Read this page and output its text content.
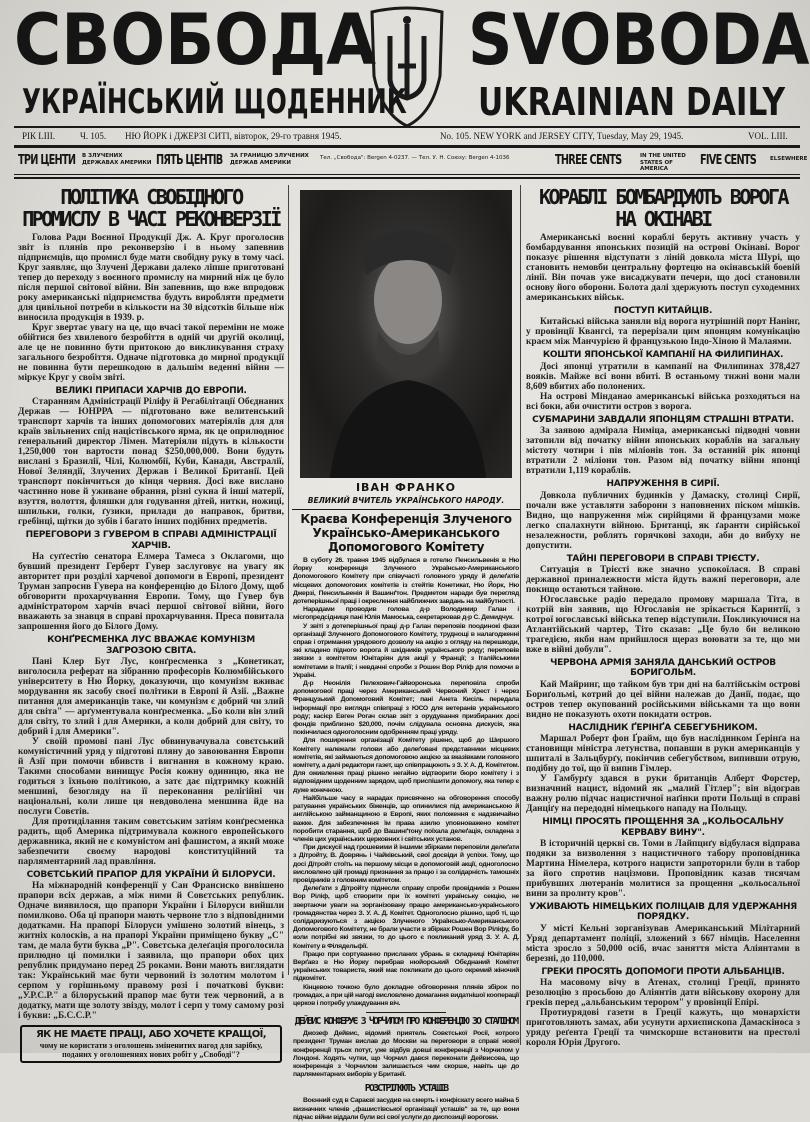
СВОБОДА SVOBODA
УКРАЇНСЬКИЙ ЩОДЕННИК UKRAINIAN DAILY
РІК LIII.	Ч. 105. НЮ ЙОРК і ДЖЕРЗІ СИТІ, вівторок, 29-го травня 1945.	No. 105. NEW YORK and JERSEY CITY, Tuesday, May 29, 1945.	VOL. LIII.
ТРИ ЦЕНТИ В ЗЛУЧЕНИХ ДЕРЖАВАХ АМЕРИКИ ПЯТЬ ЦЕНТІВ ЗА ГРАНИЦЮ ЗЛУЧЕНИХ ДЕРЖАВ АМЕРИКИ
Тел. „Свобода": Bergen 4-0237. — Тел. У. Н. Союзу: Bergen 4-1036	THREE CENTS	IN THE UNITED STATES OF AMERICA
FIVE CENTS	ELSEWHERE
ПОЛІТИКА СВОБІДНОГО ПРОМИСЛУ В ЧАСІ РЕКОНВЕРЗІЇ

Голова Ради Воєнної Продукції Дж. А. Круг проголосив звіт із плянів про реконверзію і в ньому запевнив підприємців, що промисл буде мати свобідну руку в тому часі. Круг заявляє, що Злучені Держави далеко ліпше приготовані тепер до переходу з воєнного промислу на мирний ніж це було після першої світової війни. Він запевнив, що вже впродовж року американські підприємства будуть виробляти предмети для цивільної потреби в кількости на 30 відсотків більше ніж виносила продукція в 1939. р.

Круг звертає увагу на це, що вчасі такої переміни не може обійтися без хвилевого безробіття в одній чи другій околиці, але це не повинно бути притокою до викликування страху загального безробіття. Одначе підготовка до мирної продукції не повинна бути перешкодою в дальшім веденні війни — міркує Круг у своїм звіті.

ВЕЛИКІ ПРИПАСИ ХАРЧІВ ДО ЕВРОПИ.

Старанням Адміністрації Ріліфу й Регабілітації Обєднаних Держав — ЮНРРА — підготовано вже велитенський транспорт харчів та інших допомогових матеріялів для для країв звільнених спід націстівського ярма, як це оприлюднює генеральний директор Лімен. Матеріяли підуть в кількости 1,250,000 тон вартости понад $250,000,000. Вони будуть вислані з Бразилії, Чілі, Колюмбії, Куби, Канади, Австралії, Нової Зеляндії, Злучених Держав і Великої Британії. Цей транспорт покінчиться до кінця червня. Досі вже вислано частинно нове й уживане обрання, різні сукна й інші матерії, взуття, волоття, фляшки для годування дітей, нитки, ножиці, шпильки, голки, ґузики, прилади до направок, бритви, гребінці, щітки до зубів і багато інших подібних предметів.

ПЕРЕГОВОРИ З ГУВЕРОМ В СПРАВІ АДМІНІСТРАЦІЇ ХАРЧІВ.

На суґґестію сенатора Елмера Тамеса з Оклагоми, що бувший президент Герберт Гувер заслуговує на увагу як авторитет при розділі харчевої допомоги в Европі, президент Труман запросив Гувера на конференцію до Білого Дому, щоб обговорити прохарчування Европи. Тому, що Гувер був адміністратором харчів вчасі першої світової війни, його вважають за знавця в справі прохарчування. Преса повитала запрошення його до Білого Дому.

КОНҐРЕСМЕНКА ЛУС ВВАЖАЄ КОМУНІЗМ ЗАГРОЗОЮ СВІТА.

Пані Клер Бут Лус, конґресменка з „Конетикат, виголосила реферат на зібранню професорів Колюмбійського університету в Ню Йорку, доказуючи, що комунізм вживає мордування як засобу своєї політики в Европі й Азії. „Важне питання для американців таке, чи комунізм є добрий чи злий для світа" — арґументувала конґресменка. „Бо коли він злий для світу, то злий і для Америки, а коли добрий для світу, то добрий і для Америки".

У своїй промові пані Лус обвинувачувала совєтський комуністичний уряд у підготові пляну до завоювання Европи й Азії при помочи вбивств і вигнання в кожному краю. Такими способами винищує Росія кожну одиницю, яка не годиться з їхньою політикою, а затє дає підтримку кожній меншині, безогляду на її переконання релігійні чи національні, коли лише ця невдоволена меншина йде на послуги Совєтів.

Для протиділання таким совєтським затіям конґресменка радить, щоб Америка підтримувала кожного европейського державника, який не є комуністом ані фашистом, а який може забезпечити своєму народові конституційний та парляментарний лад правління.

СОВЄТСЬКИЙ ПРАПОР ДЛЯ УКРАЇНИ Й БІЛОРУСИ.

На міжнародній конференції у Сан Франсиско вивішено прапори всіх держав, а між ними й Совєтських републик. Одначе виявилося, що прапори України і Білоруси вийшли помилково. Оба ці прапори мають червоне тло з відповідними додатками. На прапорі Білоруси умішено золотий вінець, з житніх колосків, а на прапорі України приміщено букву „С" там, де мала бути буква „Р". Совєтська делеґація проголосила прилюдно ці помилки і заявила, що прапори обох цих републик придумано перед 25 роками. Вони мають виглядати так: Український має бути червоний із золотим молотом і серпом у горішньому правому розі і початкові букви: „У.Р.С.Р." а білоруський прапор має бути теж червоний, а в додатку, мати ще золоту звізду, молот і серп у тому самому розі і букви: „Б.С.С.Р."

ЯК НЕ МАЄТЕ ПРАЦІ, АБО ХОЧЕТЕ КРАЩОЇ,
чому не користати з оголошень зміненитих нагод для зарібку, поданих у оголошеннях нових робіт у „Свободі"?
ІВАН ФРАНКО
ВЕЛИКИЙ ВЧИТЕЛЬ УКРАЇНСЬКОГО НАРОДУ.
Краєва Конференція Злученого Українсько-Американського Допомогового Комітету

В суботу 26. травня 1945 відбулася в готелю Пенсильвенія в Ню Йорку конференція Злученого Українсько-Американського Допомогового Комітету при співучасті головного уряду й делеґатів місцевих допомогових комітетів із стейтів Конетикат, Ню Йорк, Ню Джерзі, Пенсильвенія й Вашинґтон. Предметом наради був перегляд дотеперішньої праці і окреслення найближчих завдань на майбутності.

Нарадами проводив голова д-р Володимир Галан і місгопредсідниця пані Юлія Мамоська, секретарював д-р С. Демидчук.

У звіті з дотеперішньої праці д-р Галан переповів поодинокі фази організації Злученого Допомогового Комітету, труднощі в налагодженні справ і отримання урядового дозволу на акцію з огляду на перешкоди, які кладено підного ворога й шкідників українського роду; переповів звязки з комітетом Юнітаріян для акції у Франції; з Італійськими комітетами в Італії; і невдачні спроби з Рошен Вор Ріліф для помочи в Україні.

Д-р Неонілія Пелехович-Гайворонська переповіла спроби допомогової праці через Американський Червоний Хрест і через Французький Допомоговий Комітет; пані Анета Кисіль передала інформації про виглядн співпраці з ЮСО для ветеранів українського роду; касієр Евген Рогач склав звіт з орудування призбираних досі фондів приблизно $20,000, почім слідувала основна дискусія, яка покінчилася одноголосним одобренням праці уряду.

Для поширення організації Комітету рішено, щоб до Ширшого Комітету належали голови або делеґовані представники місцевих комітетів, які займаються допомоговою акцією за вказівками головного комітету, а далі редактори газет, що співпрацюють з З. У. А. Д. Комітетом. Для оживлення праці рішено негайно відтворити бюро комітету і з відповідним щоденним зарядом, щоб приспішити допомогу, яка тепер є дуже конечною.

Найбільше часу в нарадах присвячено на обговорення способу ратування українських біженців, що опинилися під американською й англійською займанщиною в Европі, яких положення є надзвичайно важке. Для забезпечення їм права азилю уповноважено комітет поробити старання, щоб до Вашинґтону поїхала делеґація, складена з членів цих українських церковних і світських установ.

При дискусії над грошевими й іншими збірками переповіли делеґати з Дітройту, В. Доврянь і Чайківський, свої досвіди й успіхи. Тому, що досі Дітройт стоїть на першому місци в допомоговій акції, одноголосно висловлено цій громаді признання за працю і за солідарність тамошніх провідників з головним комітетом.

Делеґати з Дітройту піднесли справу спроби провідників з Рошен Вор Ріліф, щоб створити при їх комітеті українську секцію, не звертаючи уваги на зорганізовану працю американсько-українського громадянства через З. У. А. Д. Комітет. Одноголосно рішено, щоб ті, що солідаризуються з акцією Злученого Українсько-Американського Допомогового Комітету, не брали участи в збірках Рошен Вор Ріліфу, бо коли потрібні які звязки, то до цього є покликаний уряд З. У. А. Д. Комітету в Філядельфії.

Працю при сортуванню присланих убрань в складниці Юнітаріян Верґавз в Ню Йорку перебрав нюйорський Обєднаний Комітет українських товариств, який має покликати до цього окремий жіночий підкомітет.

Кінцевою точкою було докладне обговорення плянів збірок по громадах, а при цій нагоді висловлено домагання видатнішої кооперації церков і потребу улаждування віч.

ДЕЙВИС КОНФЕРУЄ З ЧОРЧИЛОМ ПРО КОНФЕРЕНЦІЮ ЗО СТАЛІНОМ

Джозеф Дейвис, відомий приятель Совєтської Росії, котрого президент Труман вислав до Москви на переговори в справі нової конференції трьох потуг, уже відбув довші конференції з Чорчилом у Лондоні. Ходять чутки, що Чорчил дався переконати Дейвисова, що конференція з Чорчилом залишається чим скорше, навіть ще до парляментарних виборів у Британії.

РОЗСТРІЛЮЮТЬ УСТАШІВ

Воєнний суд в Сараєві засудив на смерть і конфіскату всего майна 5 визначних членів „фашистівської організації усташів" за те, що вони підчас війни віддали були всі свої услуги до диспозиції ворогови.

КОРАБЛІ БОМБАРДУЮТЬ ВОРОГА НА ОКІНАВІ

Американські воєнні кораблі беруть активну участь у бомбардування японських позицій на острові Окінаві. Ворог показує рішення відступати з ліній довкола міста Шурі, що становить немовби центральну фортецю на окінавській боевій лінії. Він почав уже висаджувати печери, що досі становили основу його оборони. Болота далі здержують поступ суходемних американських військ.

ПОСТУП КИТАЙЦІВ.

Китайські війська заняли від ворога нутрішній порт Нанінг, у провінції Квангсі, та перерізали цим японцям комунікацію краєм між Манчурією й французькою Індо-Хіною й Малаями.

КОШТИ ЯПОНСЬКОЇ КАМПАНІЇ НА ФИЛИПИНАХ.

Досі японці утратили в кампанії на Филипинах 378,427 вояків. Майже всі вони вбиті. В останьому тижні вони мали 8,609 вбитих або полонених.

На острові Мінданао американські війська розходяться на всі боки, аби очистити остров з ворога.

СУБМАРИНИ ЗАВДАЛИ ЯПОНЦЯМ СТРАШНІ ВТРАТИ.

За заявою адмірала Ниміца, американські підводні човни затопили від початку війни японських кораблів на загальну містоту чотири і пів міліонів тон. За останній рік японці втратили 2 міліони тон. Разом від початку війни японці втратили 1,119 кораблів.

НАПРУЖЕННЯ В СИРІЇ.

Довкола публичних будинків у Дамаску, столиці Сирії, почали вже уставляти заборони з наповнених піском мішків. Видно, що напруження між сирійцями й французами може легко спалахнути війною. Британці, як ґаранти сирійської незалежности, роблять горячкові заходи, аби до вибуху не допустити.

ТАЙНІ ПЕРЕГОВОРИ В СПРАВІ ТРІЄСТУ.

Ситуація в Трієсті вже значно успокоїлася. В справі державної приналежности міста йдуть важні переговори, але покищо остаються тайною.

Югославське радіо передало промову маршала Тіта, в котрій він заявив, що Югославія не зрікається Каринтії, з котрої югославські війська тепер відступили. Покликуючися на Атлантійський чартер, Тіто сказав: „Це було би великою трагедією, якби нам прийшлося щераз воювати за те, що ми вже в війні добули".

ЧЕРВОНА АРМІЯ ЗАНЯЛА ДАНСЬКИЙ ОСТРОВ БОРИГОЛЬМ.

Кай Майринг, що тайком був три дні на балтійськім острові Бориґольмі, котрий до цеї війни належав до Данії, подає, що остров тепер окупований російськими військами та що вони видно не показують охоти покидати остров.

НАСЛІДНИК ҐЕРІНҐА СЕБЕГУБНИКОМ.

Маршал Роберт фон Ґрайм, що був наслідником Ґерінґа на становищи міністра летунства, попавши в руки американців у шпиталі в Зальцбурґу, покінчив себегубством, випивши отрую, подібну до тої, що її випив Гімлер.

У Гамбурґу здався в руки британців Алберт Форстер, визначний нацист, відомий як „малий Гітлер"; він відограв важну ролю підчас нацистичної наґінки проти Польщі в справі Данціґу на передодні німецького нападу на Польщу.

НІМЦІ ПРОСЯТЬ ПРОЩЕННЯ ЗА „КОЛЬОСАЛЬНУ КЕРВАВУ ВИНУ".

В історичній церкві св. Томи в Лайпциґу відбулася відправа подяки за визволення з нацистичного табору проповідника Мартина Німелера, котрого нацисти запроторили були в табор за його спротив націзмови. Проповідник казав тисячам прибувших лютеранів молитися за прощення „кольосальної вини за пролиту кров".

УЖИВАЮТЬ НІМЕЦЬКИХ ПОЛІЦАІВ ДЛЯ УДЕРЖАННЯ ПОРЯДКУ.

У місті Кельні зорганізував Американський Мілітарний Уряд департамент поліції, зложений з 667 німців. Населення міста зросло з 50,000 осіб, вчас заняття міста Аліянтами в березні, до 110,000.

ГРЕКИ ПРОСЯТЬ ДОПОМОГИ ПРОТИ АЛЬБАНЦІВ.

На масовому вічу в Атенах, столиці Греції, принято резолюцію з просьбою до Аліянтів дати військову охорону для греків перед „альбанським терором" у провінції Епірі.

Протиурядові газети в Греції кажуть, що монархісти приготовляють замах, аби усунути архиєпископа Дамаскіноса з уряду реґента Греції та чимскорше встановити на престолі короля Юрія Другого.
